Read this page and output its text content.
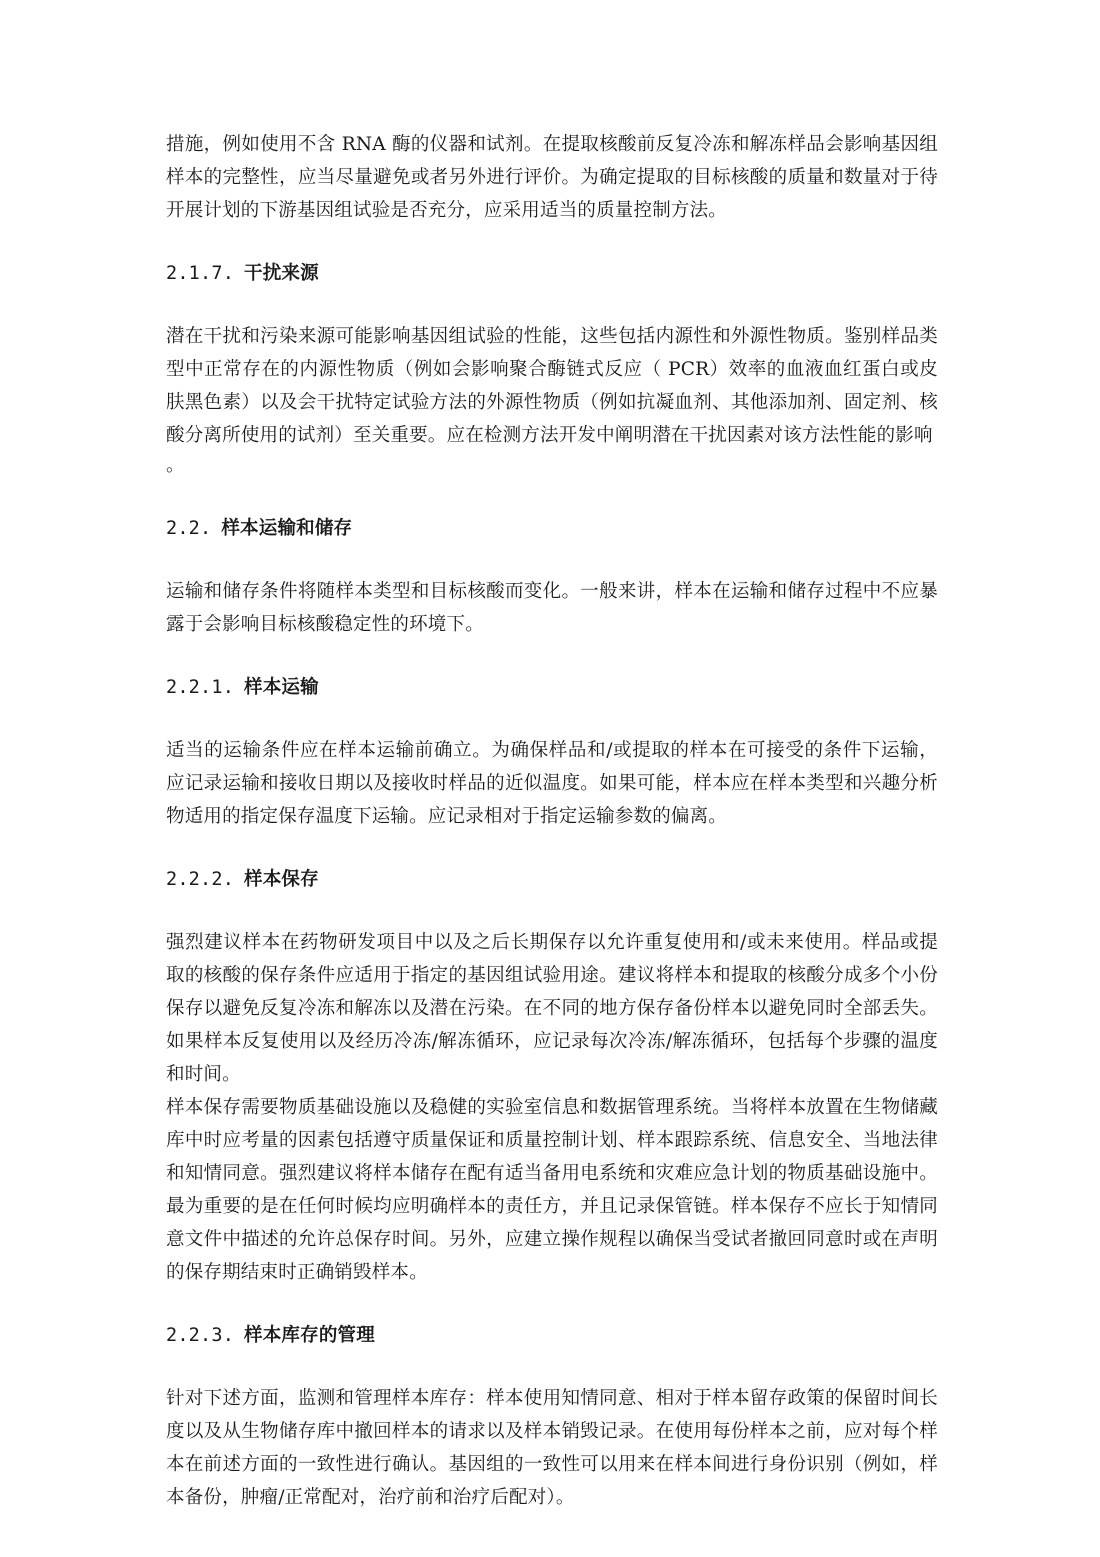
措施，例如使用不含 RNA 酶的仪器和试剂。在提取核酸前反复冷冻和解冻样品会影响基因组样本的完整性，应当尽量避免或者另外进行评价。为确定提取的目标核酸的质量和数量对于待开展计划的下游基因组试验是否充分，应采用适当的质量控制方法。

2.1.7. 干扰来源

潜在干扰和污染来源可能影响基因组试验的性能，这些包括内源性和外源性物质。鉴别样品类型中正常存在的内源性物质（例如会影响聚合酶链式反应（ PCR）效率的血液血红蛋白或皮肤黑色素）以及会干扰特定试验方法的外源性物质（例如抗凝血剂、其他添加剂、固定剂、核酸分离所使用的试剂）至关重要。应在检测方法开发中阐明潜在干扰因素对该方法性能的影响

。

2.2. 样本运输和储存

运输和储存条件将随样本类型和目标核酸而变化。一般来讲，样本在运输和储存过程中不应暴露于会影响目标核酸稳定性的环境下。

2.2.1. 样本运输

适当的运输条件应在样本运输前确立。为确保样品和/或提取的样本在可接受的条件下运输，应记录运输和接收日期以及接收时样品的近似温度。如果可能，样本应在样本类型和兴趣分析物适用的指定保存温度下运输。应记录相对于指定运输参数的偏离。

2.2.2. 样本保存

强烈建议样本在药物研发项目中以及之后长期保存以允许重复使用和/或未来使用。样品或提取的核酸的保存条件应适用于指定的基因组试验用途。建议将样本和提取的核酸分成多个小份保存以避免反复冷冻和解冻以及潜在污染。在不同的地方保存备份样本以避免同时全部丢失。如果样本反复使用以及经历冷冻/解冻循环，应记录每次冷冻/解冻循环，包括每个步骤的温度和时间。

样本保存需要物质基础设施以及稳健的实验室信息和数据管理系统。当将样本放置在生物储藏库中时应考量的因素包括遵守质量保证和质量控制计划、样本跟踪系统、信息安全、当地法律和知情同意。强烈建议将样本储存在配有适当备用电系统和灾难应急计划的物质基础设施中。最为重要的是在任何时候均应明确样本的责任方，并且记录保管链。样本保存不应长于知情同意文件中描述的允许总保存时间。另外，应建立操作规程以确保当受试者撤回同意时或在声明的保存期结束时正确销毁样本。

2.2.3. 样本库存的管理

针对下述方面，监测和管理样本库存：样本使用知情同意、相对于样本留存政策的保留时间长度以及从生物储存库中撤回样本的请求以及样本销毁记录。在使用每份样本之前，应对每个样本在前述方面的一致性进行确认。基因组的一致性可以用来在样本间进行身份识别（例如，样本备份，肿瘤/正常配对，治疗前和治疗后配对）。
